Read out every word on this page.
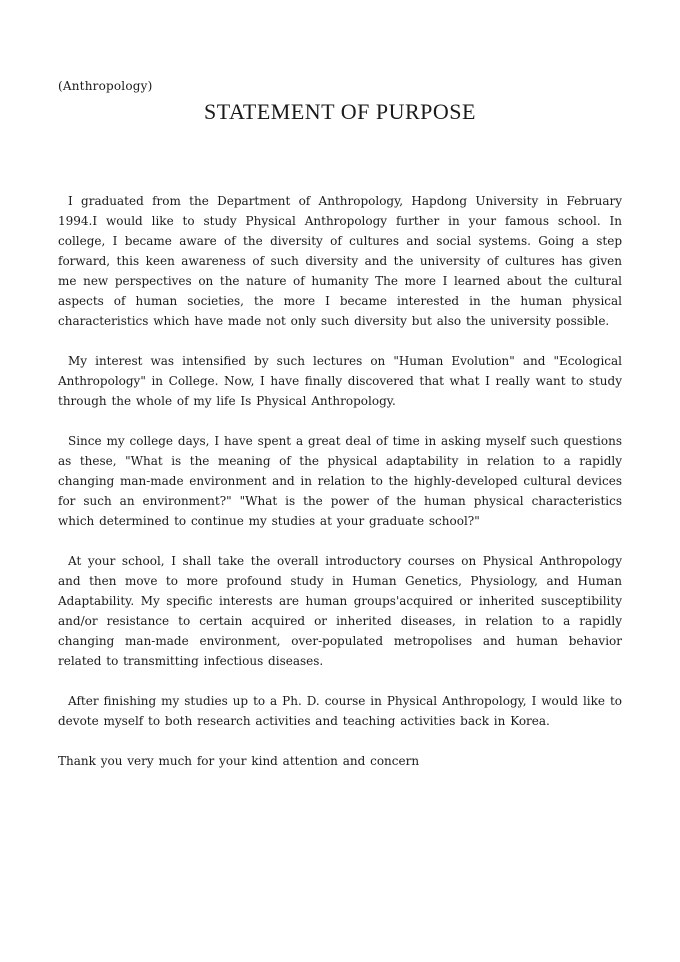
(Anthropology)
STATEMENT OF PURPOSE

I graduated from the Department of Anthropology, Hapdong University in February 1994.I would like to study Physical Anthropology further in your famous school. In college, I became aware of the diversity of cultures and social systems. Going a step forward, this keen awareness of such diversity and the university of cultures has given me new perspectives on the nature of humanity The more I learned about the cultural aspects of human societies, the more I became interested in the human physical characteristics which have made not only such diversity but also the university possible.

My interest was intensified by such lectures on "Human Evolution" and "Ecological Anthropology" in College. Now, I have finally discovered that what I really want to study through the whole of my life Is Physical Anthropology.

Since my college days, I have spent a great deal of time in asking myself such questions as these, "What is the meaning of the physical adaptability in relation to a rapidly changing man-made environment and in relation to the highly-developed cultural devices for such an environment?" "What is the power of the human physical characteristics which determined to continue my studies at your graduate school?"

At your school, I shall take the overall introductory courses on Physical Anthropology and then move to more profound study in Human Genetics, Physiology, and Human Adaptability. My specific interests are human groups'acquired or inherited susceptibility and/or resistance to certain acquired or inherited diseases, in relation to a rapidly changing man-made environment, over-populated metropolises and human behavior related to transmitting infectious diseases.

After finishing my studies up to a Ph. D. course in Physical Anthropology, I would like to devote myself to both research activities and teaching activities back in Korea.

Thank you very much for your kind attention and concern
